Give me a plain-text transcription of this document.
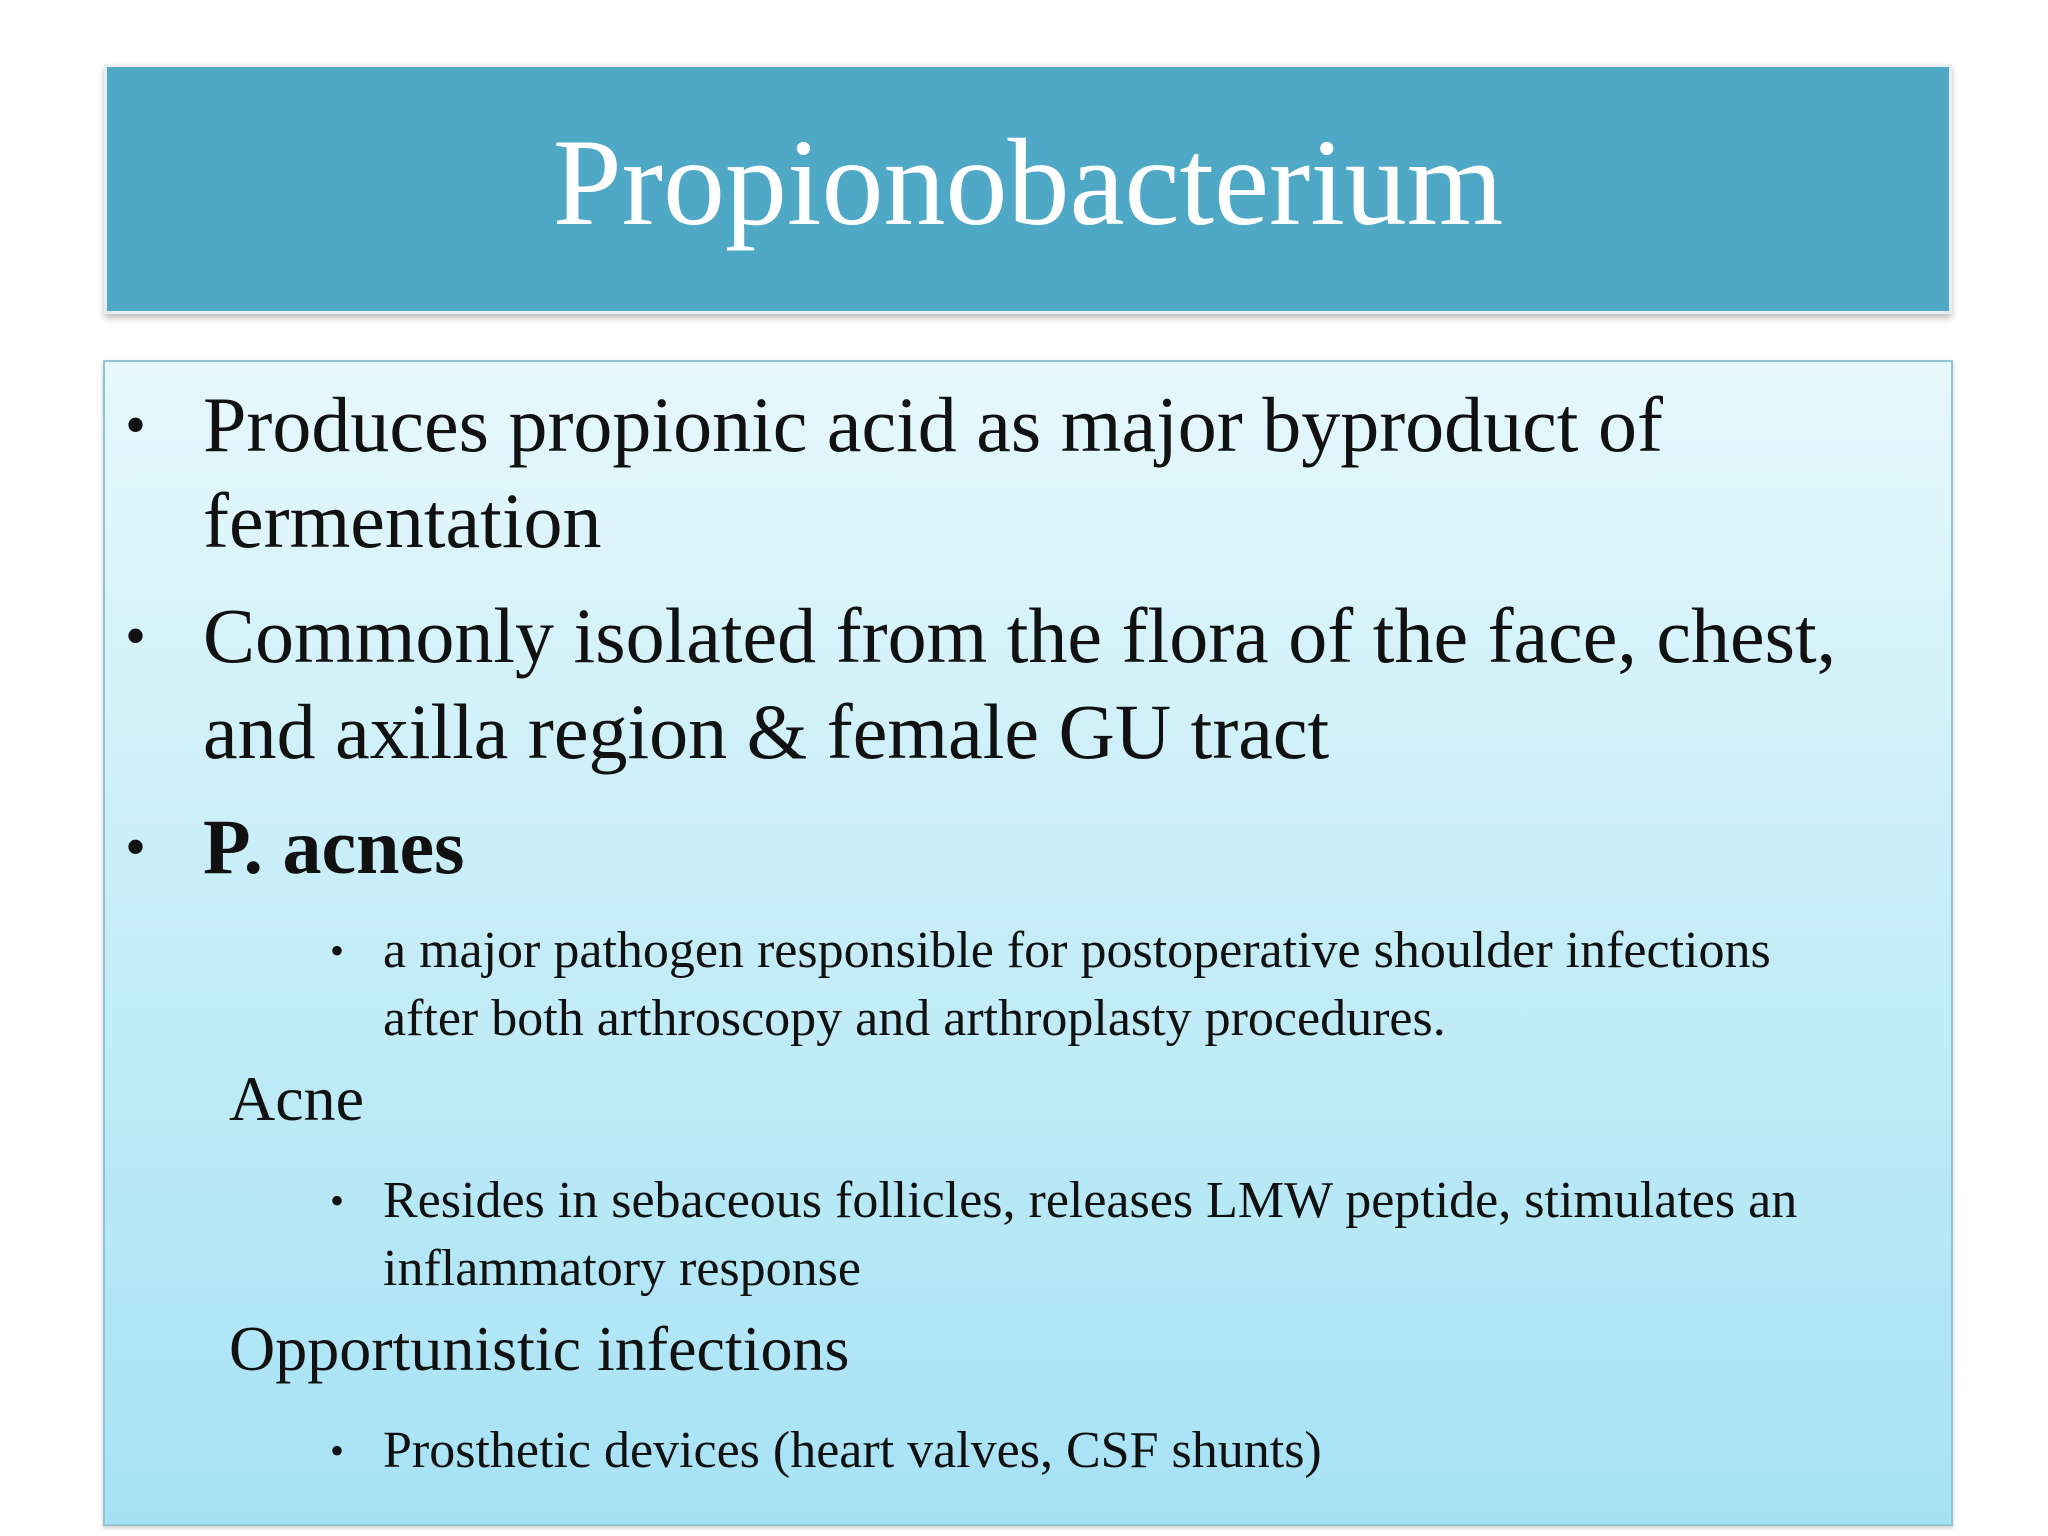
Propionobacterium
• Produces propionic acid as major byproduct of
fermentation
• Commonly isolated from the flora of the face, chest,
and axilla region & female GU tract
• P. acnes
• a major pathogen responsible for postoperative shoulder infections
after both arthroscopy and arthroplasty procedures.
Acne
• Resides in sebaceous follicles, releases LMW peptide, stimulates an
inflammatory response
Opportunistic infections
• Prosthetic devices (heart valves, CSF shunts)
